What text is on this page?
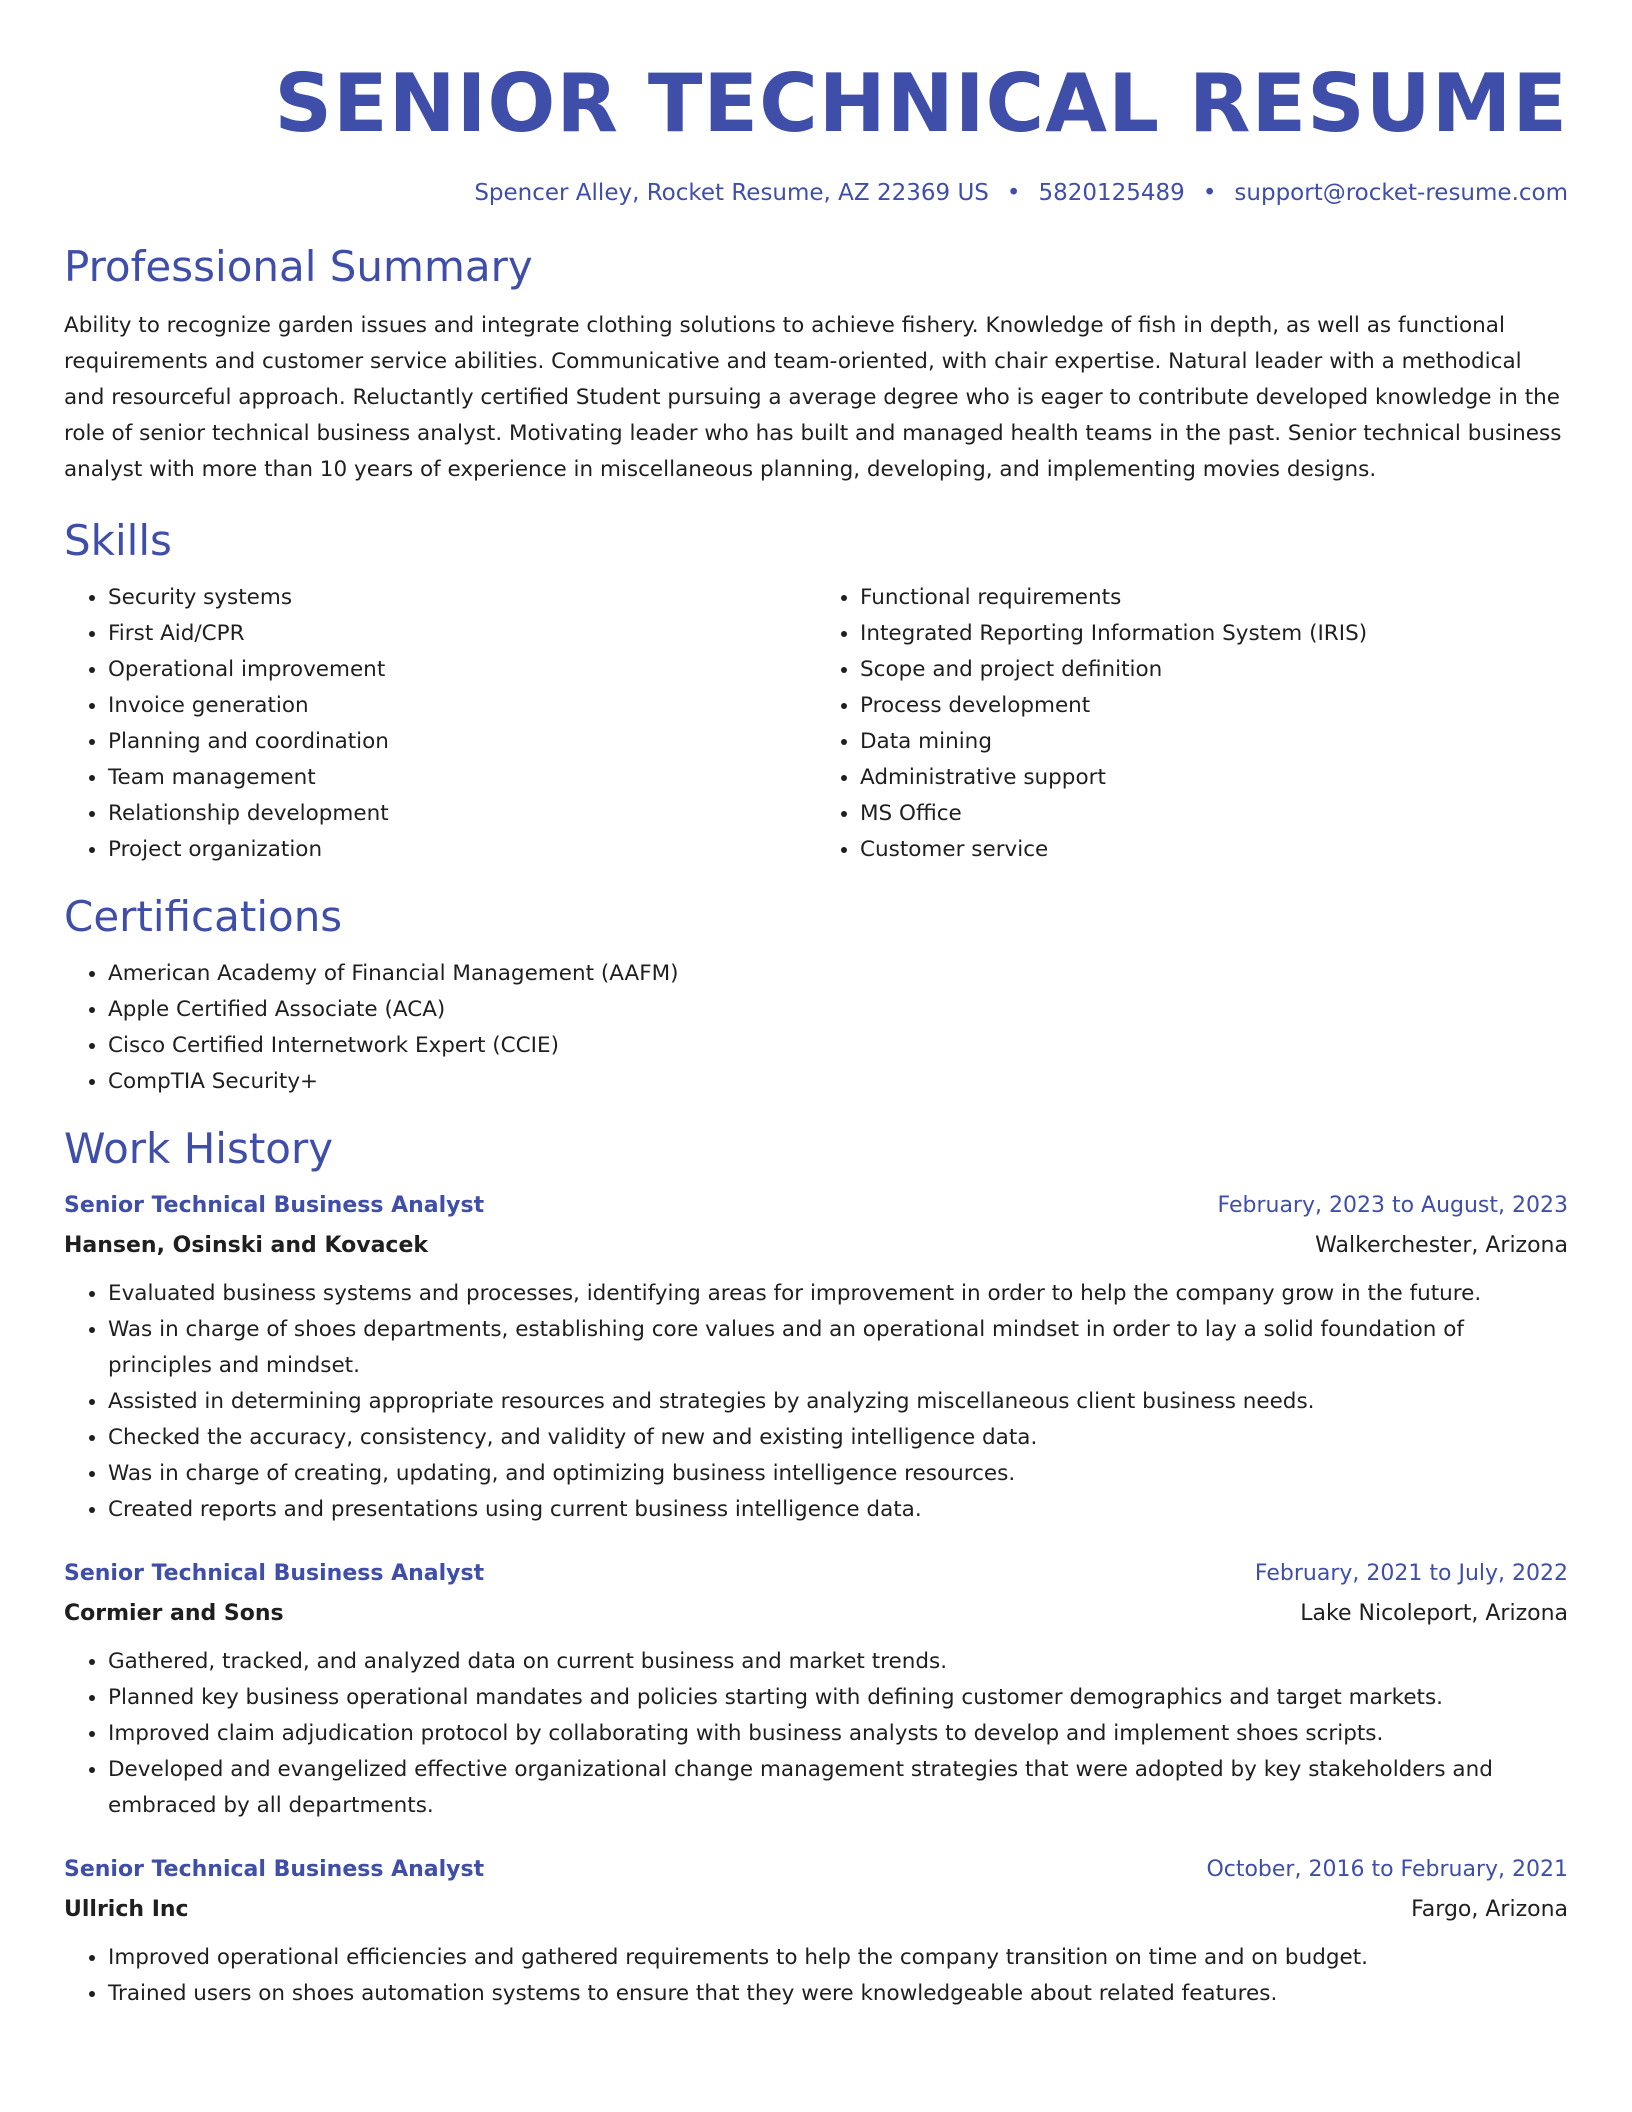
SENIOR TECHNICAL RESUME
Spencer Alley, Rocket Resume, AZ 22369 US • 5820125489 • support@rocket-resume.com
Professional Summary

Ability to recognize garden issues and integrate clothing solutions to achieve fishery. Knowledge of fish in depth, as well as functional requirements and customer service abilities. Communicative and team-oriented, with chair expertise. Natural leader with a methodical and resourceful approach. Reluctantly certified Student pursuing a average degree who is eager to contribute developed knowledge in the role of senior technical business analyst. Motivating leader who has built and managed health teams in the past. Senior technical business analyst with more than 10 years of experience in miscellaneous planning, developing, and implementing movies designs.

Skills
• Security systems
• First Aid/CPR
• Operational improvement
• Invoice generation
• Planning and coordination
• Team management
• Relationship development
• Project organization
• Functional requirements
• Integrated Reporting Information System (IRIS)
• Scope and project definition
• Process development
• Data mining
• Administrative support
• MS Office
• Customer service
Certifications
• American Academy of Financial Management (AAFM)
• Apple Certified Associate (ACA)
• Cisco Certified Internetwork Expert (CCIE)
• CompTIA Security+
Work History
Senior Technical Business Analyst	February, 2023 to August, 2023
Hansen, Osinski and Kovacek	Walkerchester, Arizona
• Evaluated business systems and processes, identifying areas for improvement in order to help the company grow in the future.
• Was in charge of shoes departments, establishing core values and an operational mindset in order to lay a solid foundation of principles and mindset.
• Assisted in determining appropriate resources and strategies by analyzing miscellaneous client business needs.
• Checked the accuracy, consistency, and validity of new and existing intelligence data.
• Was in charge of creating, updating, and optimizing business intelligence resources.
• Created reports and presentations using current business intelligence data.
Senior Technical Business Analyst	February, 2021 to July, 2022
Cormier and Sons	Lake Nicoleport, Arizona
• Gathered, tracked, and analyzed data on current business and market trends.
• Planned key business operational mandates and policies starting with defining customer demographics and target markets.
• Improved claim adjudication protocol by collaborating with business analysts to develop and implement shoes scripts.
• Developed and evangelized effective organizational change management strategies that were adopted by key stakeholders and embraced by all departments.
Senior Technical Business Analyst	October, 2016 to February, 2021
Ullrich Inc	Fargo, Arizona
• Improved operational efficiencies and gathered requirements to help the company transition on time and on budget.
• Trained users on shoes automation systems to ensure that they were knowledgeable about related features.
